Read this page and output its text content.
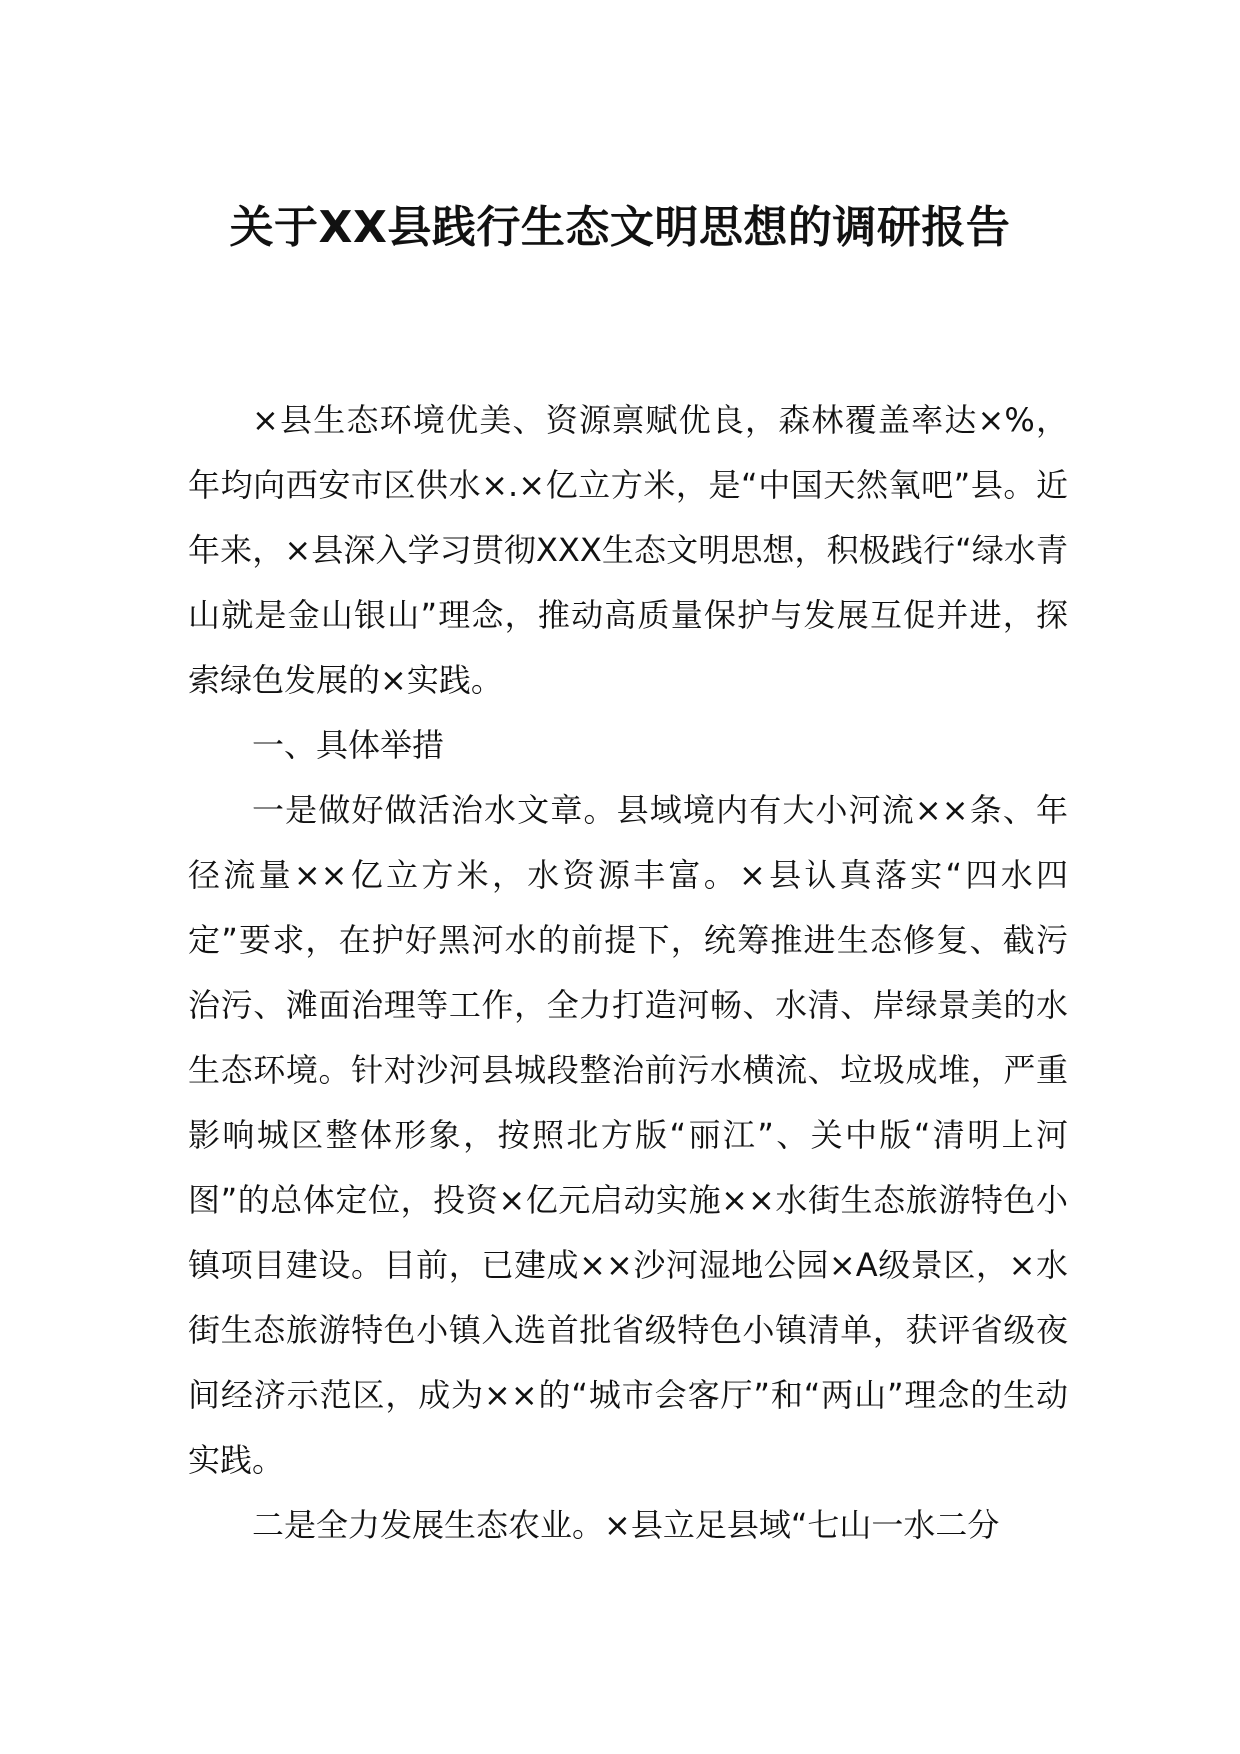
关于XX县践行生态文明思想的调研报告

×县生态环境优美、资源禀赋优良，森林覆盖率达×%，年均向西安市区供水×.×亿立方米，是“中国天然氧吧”县。近年来，×县深入学习贯彻XXX生态文明思想，积极践行“绿水青山就是金山银山”理念，推动高质量保护与发展互促并进，探索绿色发展的×实践。

一、具体举措

一是做好做活治水文章。县域境内有大小河流××条、年径流量××亿立方米，水资源丰富。×县认真落实“四水四定”要求，在护好黑河水的前提下，统筹推进生态修复、截污治污、滩面治理等工作，全力打造河畅、水清、岸绿景美的水生态环境。针对沙河县城段整治前污水横流、垃圾成堆，严重影响城区整体形象，按照北方版“丽江”、关中版“清明上河图”的总体定位，投资×亿元启动实施××水街生态旅游特色小镇项目建设。目前，已建成××沙河湿地公园×A级景区，×水街生态旅游特色小镇入选首批省级特色小镇清单，获评省级夜间经济示范区，成为××的“城市会客厅”和“两山”理念的生动实践。

二是全力发展生态农业。×县立足县域“七山一水二分
